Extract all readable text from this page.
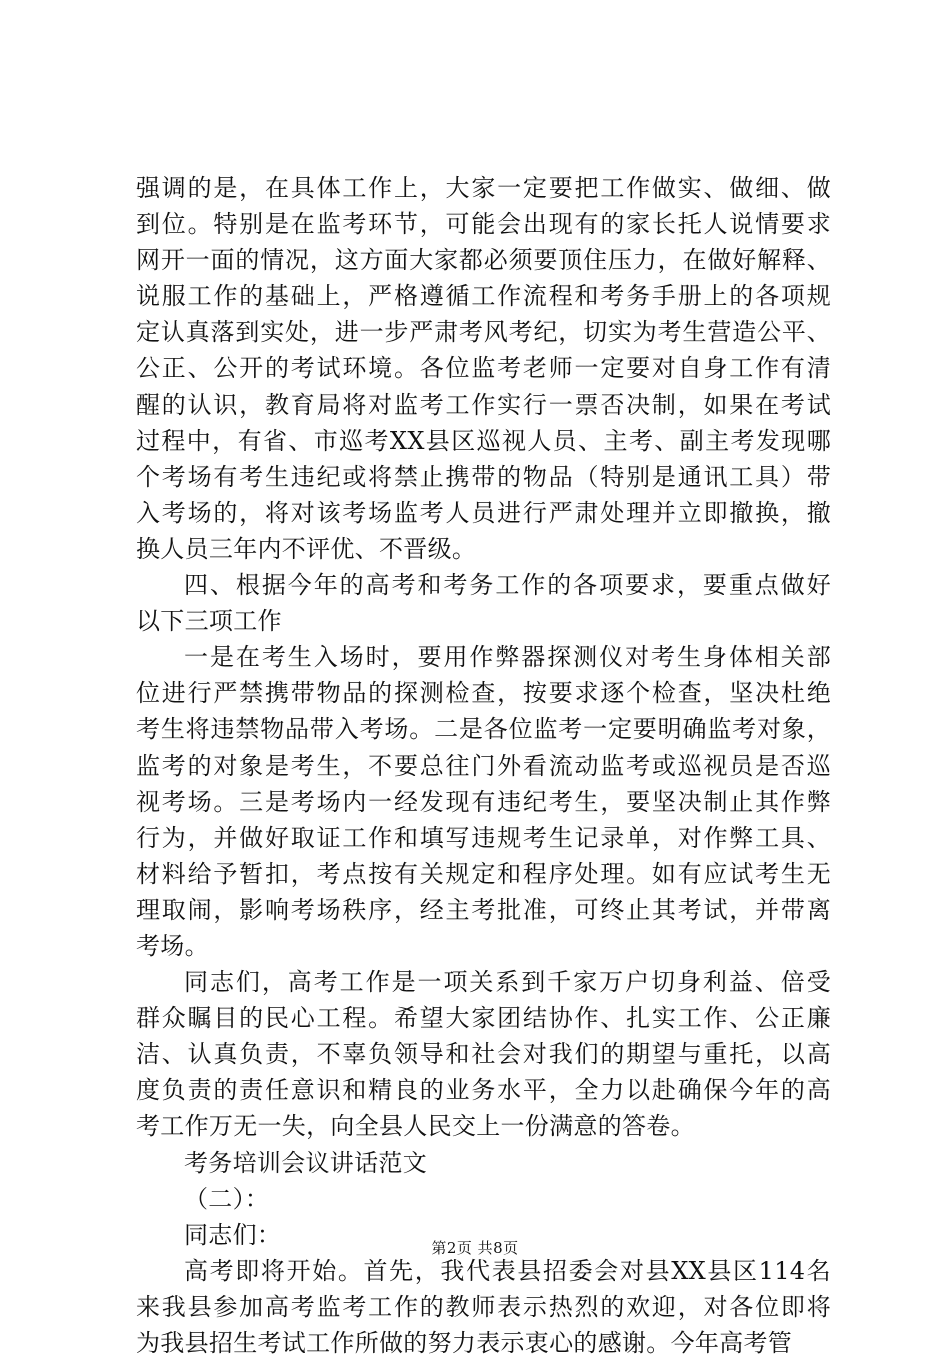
强调的是，在具体工作上，大家一定要把工作做实、做细、做
到位。特别是在监考环节，可能会出现有的家长托人说情要求
网开一面的情况，这方面大家都必须要顶住压力，在做好解释、
说服工作的基础上，严格遵循工作流程和考务手册上的各项规
定认真落到实处，进一步严肃考风考纪，切实为考生营造公平、
公正、公开的考试环境。各位监考老师一定要对自身工作有清
醒的认识，教育局将对监考工作实行一票否决制，如果在考试
过程中，有省、市巡考XX县区巡视人员、主考、副主考发现哪
个考场有考生违纪或将禁止携带的物品（特别是通讯工具）带
入考场的，将对该考场监考人员进行严肃处理并立即撤换，撤
换人员三年内不评优、不晋级。
四、根据今年的高考和考务工作的各项要求，要重点做好
以下三项工作
一是在考生入场时，要用作弊器探测仪对考生身体相关部
位进行严禁携带物品的探测检查，按要求逐个检查，坚决杜绝
考生将违禁物品带入考场。二是各位监考一定要明确监考对象，
监考的对象是考生，不要总往门外看流动监考或巡视员是否巡
视考场。三是考场内一经发现有违纪考生，要坚决制止其作弊
行为，并做好取证工作和填写违规考生记录单，对作弊工具、
材料给予暂扣，考点按有关规定和程序处理。如有应试考生无
理取闹，影响考场秩序，经主考批准，可终止其考试，并带离
考场。
同志们，高考工作是一项关系到千家万户切身利益、倍受
群众瞩目的民心工程。希望大家团结协作、扎实工作、公正廉
洁、认真负责，不辜负领导和社会对我们的期望与重托，以高
度负责的责任意识和精良的业务水平，全力以赴确保今年的高
考工作万无一失，向全县人民交上一份满意的答卷。
考务培训会议讲话范文
（二）：
同志们：
高考即将开始。首先，我代表县招委会对县XX县区114名
来我县参加高考监考工作的教师表示热烈的欢迎，对各位即将
为我县招生考试工作所做的努力表示衷心的感谢。今年高考管
第2页 共8页
